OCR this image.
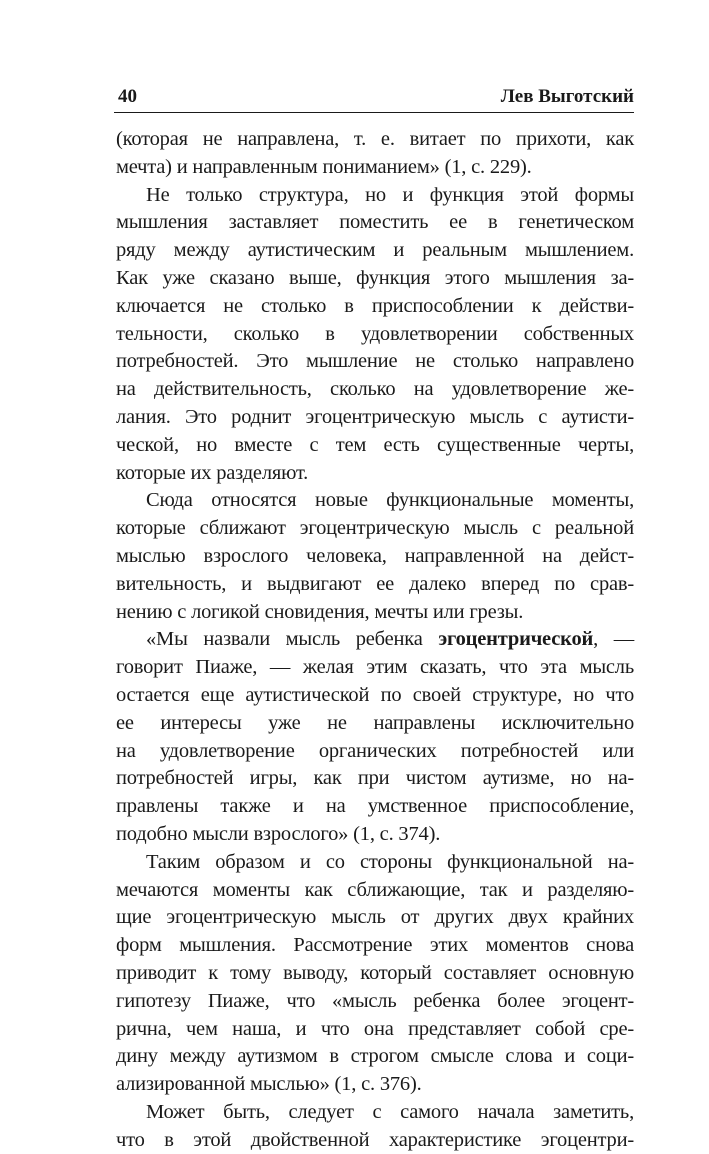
40	Лев Выготский
(которая не направлена, т. е. витает по прихоти, как
мечта) и направленным пониманием» (1, с. 229).
Не только структура, но и функция этой формы
мышления заставляет поместить ее в генетическом
ряду между аутистическим и реальным мышлением.
Как уже сказано выше, функция этого мышления за-
ключается не столько в приспособлении к действи-
тельности, сколько в удовлетворении собственных
потребностей. Это мышление не столько направлено
на действительность, сколько на удовлетворение же-
лания. Это роднит эгоцентрическую мысль с аутисти-
ческой, но вместе с тем есть существенные черты,
которые их разделяют.
Сюда относятся новые функциональные моменты,
которые сближают эгоцентрическую мысль с реальной
мыслью взрослого человека, направленной на дейст-
вительность, и выдвигают ее далеко вперед по срав-
нению с логикой сновидения, мечты или грезы.
«Мы назвали мысль ребенка эгоцентрической, —
говорит Пиаже, — желая этим сказать, что эта мысль
остается еще аутистической по своей структуре, но что
ее интересы уже не направлены исключительно
на удовлетворение органических потребностей или
потребностей игры, как при чистом аутизме, но на-
правлены также и на умственное приспособление,
подобно мысли взрослого» (1, с. 374).
Таким образом и со стороны функциональной на-
мечаются моменты как сближающие, так и разделяю-
щие эгоцентрическую мысль от других двух крайних
форм мышления. Рассмотрение этих моментов снова
приводит к тому выводу, который составляет основную
гипотезу Пиаже, что «мысль ребенка более эгоцент-
рична, чем наша, и что она представляет собой сре-
дину между аутизмом в строгом смысле слова и соци-
ализированной мыслью» (1, с. 376).
Может быть, следует с самого начала заметить,
что в этой двойственной характеристике эгоцентри-
